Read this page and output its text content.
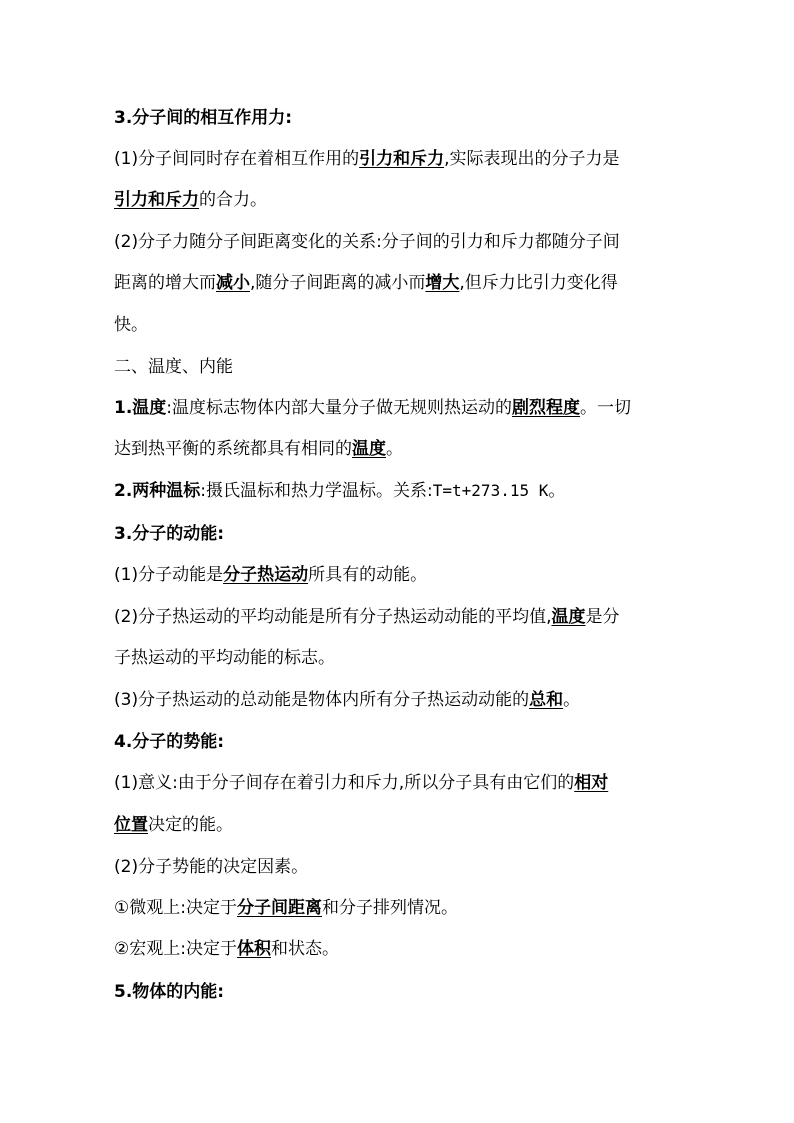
3.分子间的相互作用力:
(1)分子间同时存在着相互作用的引力和斥力,实际表现出的分子力是
引力和斥力的合力。
(2)分子力随分子间距离变化的关系:分子间的引力和斥力都随分子间
距离的增大而减小,随分子间距离的减小而增大,但斥力比引力变化得
快。
二、温度、内能
1.温度:温度标志物体内部大量分子做无规则热运动的剧烈程度。一切
达到热平衡的系统都具有相同的温度。
2.两种温标:摄氏温标和热力学温标。关系:T=t+273.15 K。
3.分子的动能:
(1)分子动能是分子热运动所具有的动能。
(2)分子热运动的平均动能是所有分子热运动动能的平均值,温度是分
子热运动的平均动能的标志。
(3)分子热运动的总动能是物体内所有分子热运动动能的总和。
4.分子的势能:
(1)意义:由于分子间存在着引力和斥力,所以分子具有由它们的相对
位置决定的能。
(2)分子势能的决定因素。
①微观上:决定于分子间距离和分子排列情况。
②宏观上:决定于体积和状态。
5.物体的内能:
